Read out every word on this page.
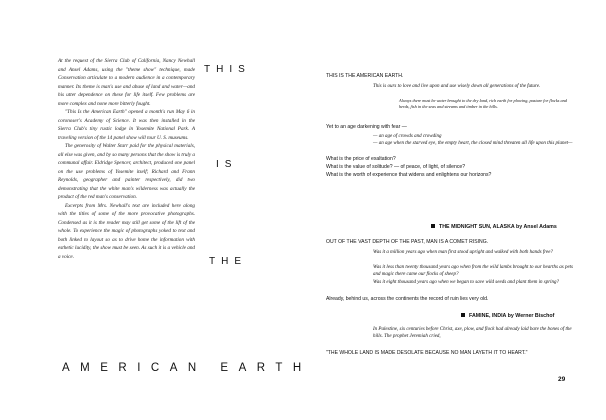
At the request of the Sierra Club of California, Nancy Newhall and Ansel Adams, using the "theme show" technique, made Conservation articulate to a modern audience in a contemporary manner. Its theme is man's use and abuse of land and water—and his utter dependence on these for life itself. Few problems are more complex and none more bitterly fought.

"This Is the American Earth" opened a month's run May 6 in coronoser's Academy of Science. It was then installed in the Sierra Club's tiny rustic lodge in Yosemite National Park. A traveling version of the 14 panel show will tour U. S. museums.

The generosity of Walter Starr paid for the physical materials, all else was given, and by so many persons that the show is truly a communal affair. Eldridge Spencer, architect, produced one panel on the use problems of Yosemite itself; Richard and Frann Reynolds, geographer and painter respectively, did two demonstrating that the white man's wilderness was actually the product of the red man's conservation.

Excerpts from Mrs. Newhall's text are included here along with the titles of some of the more provocative photographs. Condensed as it is the reader may still get some of the lift of the whole. To experience the magic of photographs yoked to text and both linked to layout so as to drive home the information with esthetic lucidity, the show must be seen. As such it is a vehicle and a voice.

THIS
IS
THE
AMERICAN EARTH

THIS IS THE AMERICAN EARTH.

This is ours to love and live upon and use wisely down all generations of the future.

Always there must be water brought to the dry land, rich earth for plowing, pasture for flocks and herds, fish in the seas and streams and timber in the hills.

Yet to an age darkening with fear —

— an age of crowds and crowding

— an age when the starved eye, the empty heart, the closed mind threaten all life upon this planet—

What is the price of exaltation?

What is the value of solitude? — of peace, of light, of silence?

What is the worth of experience that widens and enlightens our horizons?

THE MIDNIGHT SUN, ALASKA by Ansel Adams

OUT OF THE VAST DEPTH OF THE PAST, MAN IS A COMET RISING.

Was it a million years ago when man first stood upright and walked with both hands free?

Was it less than twenty thousand years ago when from the wild lambs brought to our hearths as pets and magic there came our flocks of sheep?

Was it eight thousand years ago when we began to save wild seeds and plant them in spring?

Already, behind us, across the continents the record of ruin lies very old.

FAMINE, INDIA by Werner Bischof

In Palestine, six centuries before Christ, axe, plow, and flock had already laid bare the bones of the hills. The prophet Jeremiah cried,

"THE WHOLE LAND IS MADE DESOLATE BECAUSE NO MAN LAYETH IT TO HEART."

29
